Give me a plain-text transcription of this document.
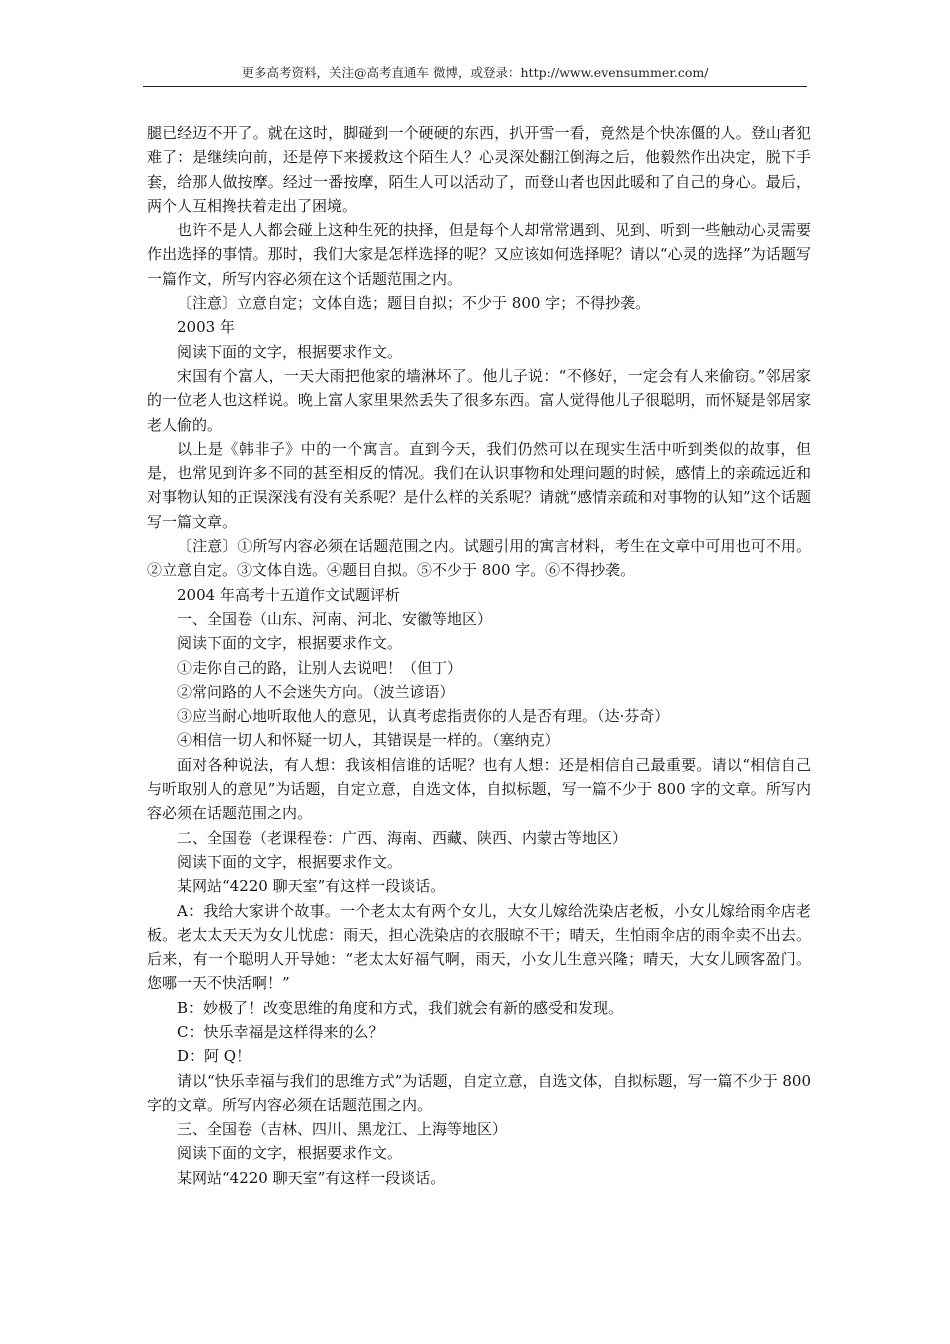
更多高考资料，关注@高考直通车 微博，或登录：http://www.evensummer.com/

腿已经迈不开了。就在这时，脚碰到一个硬硬的东西，扒开雪一看，竟然是个快冻僵的人。登山者犯难了：是继续向前，还是停下来援救这个陌生人？心灵深处翻江倒海之后，他毅然作出决定，脱下手套，给那人做按摩。经过一番按摩，陌生人可以活动了，而登山者也因此暖和了自己的身心。最后，两个人互相搀扶着走出了困境。

也许不是人人都会碰上这种生死的抉择，但是每个人却常常遇到、见到、听到一些触动心灵需要作出选择的事情。那时，我们大家是怎样选择的呢？又应该如何选择呢？请以“心灵的选择”为话题写一篇作文，所写内容必须在这个话题范围之内。

〔注意〕立意自定；文体自选；题目自拟；不少于 800 字；不得抄袭。

2003 年

阅读下面的文字，根据要求作文。

宋国有个富人，一天大雨把他家的墙淋坏了。他儿子说：“不修好，一定会有人来偷窃。”邻居家的一位老人也这样说。晚上富人家里果然丢失了很多东西。富人觉得他儿子很聪明，而怀疑是邻居家老人偷的。

以上是《韩非子》中的一个寓言。直到今天，我们仍然可以在现实生活中听到类似的故事，但是，也常见到许多不同的甚至相反的情况。我们在认识事物和处理问题的时候，感情上的亲疏远近和对事物认知的正误深浅有没有关系呢？是什么样的关系呢？请就“感情亲疏和对事物的认知”这个话题写一篇文章。

〔注意〕①所写内容必须在话题范围之内。试题引用的寓言材料，考生在文章中可用也可不用。②立意自定。③文体自选。④题目自拟。⑤不少于 800 字。⑥不得抄袭。

2004 年高考十五道作文试题评析

一、全国卷（山东、河南、河北、安徽等地区）

阅读下面的文字，根据要求作文。

①走你自己的路，让别人去说吧！（但丁）

②常问路的人不会迷失方向。（波兰谚语）

③应当耐心地听取他人的意见，认真考虑指责你的人是否有理。（达·芬奇）

④相信一切人和怀疑一切人，其错误是一样的。（塞纳克）

面对各种说法，有人想：我该相信谁的话呢？也有人想：还是相信自己最重要。请以“相信自己与听取别人的意见”为话题，自定立意，自选文体，自拟标题，写一篇不少于 800 字的文章。所写内容必须在话题范围之内。

二、全国卷（老课程卷：广西、海南、西藏、陕西、内蒙古等地区）

阅读下面的文字，根据要求作文。

某网站“4220 聊天室”有这样一段谈话。

A：我给大家讲个故事。一个老太太有两个女儿，大女儿嫁给洗染店老板，小女儿嫁给雨伞店老板。老太太天天为女儿忧虑：雨天，担心洗染店的衣服晾不干；晴天，生怕雨伞店的雨伞卖不出去。后来，有一个聪明人开导她：“老太太好福气啊，雨天，小女儿生意兴隆；晴天，大女儿顾客盈门。您哪一天不快活啊！”

B：妙极了！改变思维的角度和方式，我们就会有新的感受和发现。

C：快乐幸福是这样得来的么？

D：阿 Q！

请以“快乐幸福与我们的思维方式”为话题，自定立意，自选文体，自拟标题，写一篇不少于 800 字的文章。所写内容必须在话题范围之内。

三、全国卷（吉林、四川、黑龙江、上海等地区）

阅读下面的文字，根据要求作文。

某网站“4220 聊天室”有这样一段谈话。
